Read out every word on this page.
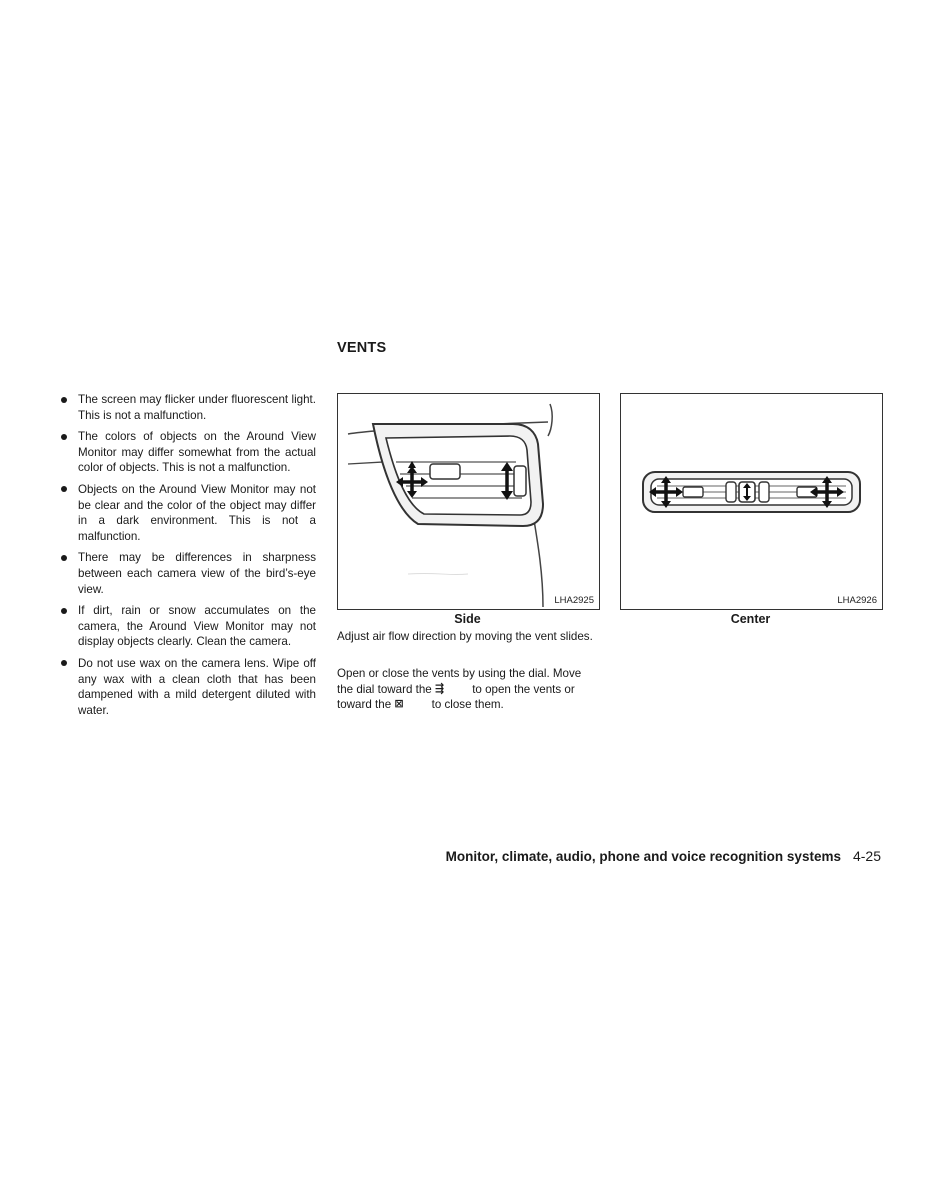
VENTS
The screen may flicker under fluorescent light. This is not a malfunction.
The colors of objects on the Around View Monitor may differ somewhat from the actual color of objects. This is not a malfunction.
Objects on the Around View Monitor may not be clear and the color of the object may differ in a dark environment. This is not a malfunction.
There may be differences in sharpness between each camera view of the bird’s-eye view.
If dirt, rain or snow accumulates on the camera, the Around View Monitor may not display objects clearly. Clean the camera.
Do not use wax on the camera lens. Wipe off any wax with a clean cloth that has been dampened with a mild detergent diluted with water.
LHA2925
Side
LHA2926
Center

Adjust air flow direction by moving the vent slides.

Open or close the vents by using the dial. Move the dial toward the ⇶ to open the vents or toward the ⊠ to close them.

Monitor, climate, audio, phone and voice recognition systems 4-25
